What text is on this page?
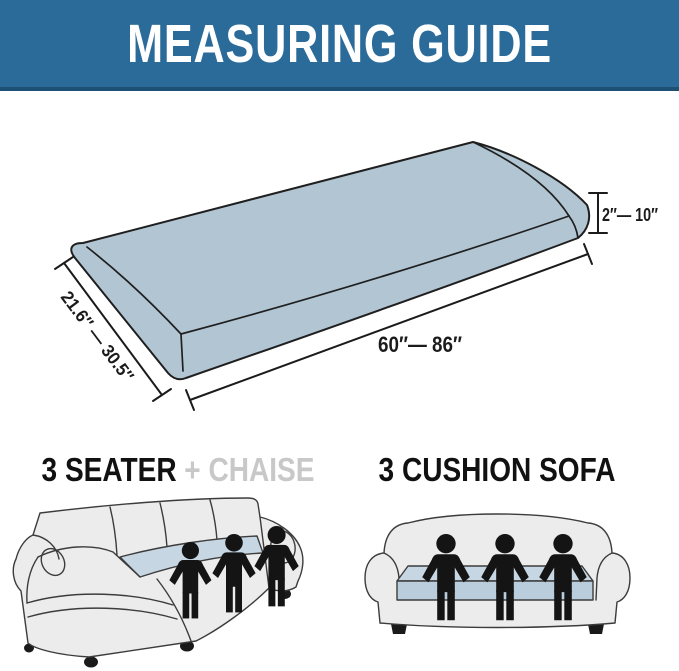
MEASURING GUIDE
2″— 10″
60″— 86″
21.6″ — 30.5″
3 SEATER + CHAISE 3 CUSHION SOFA
